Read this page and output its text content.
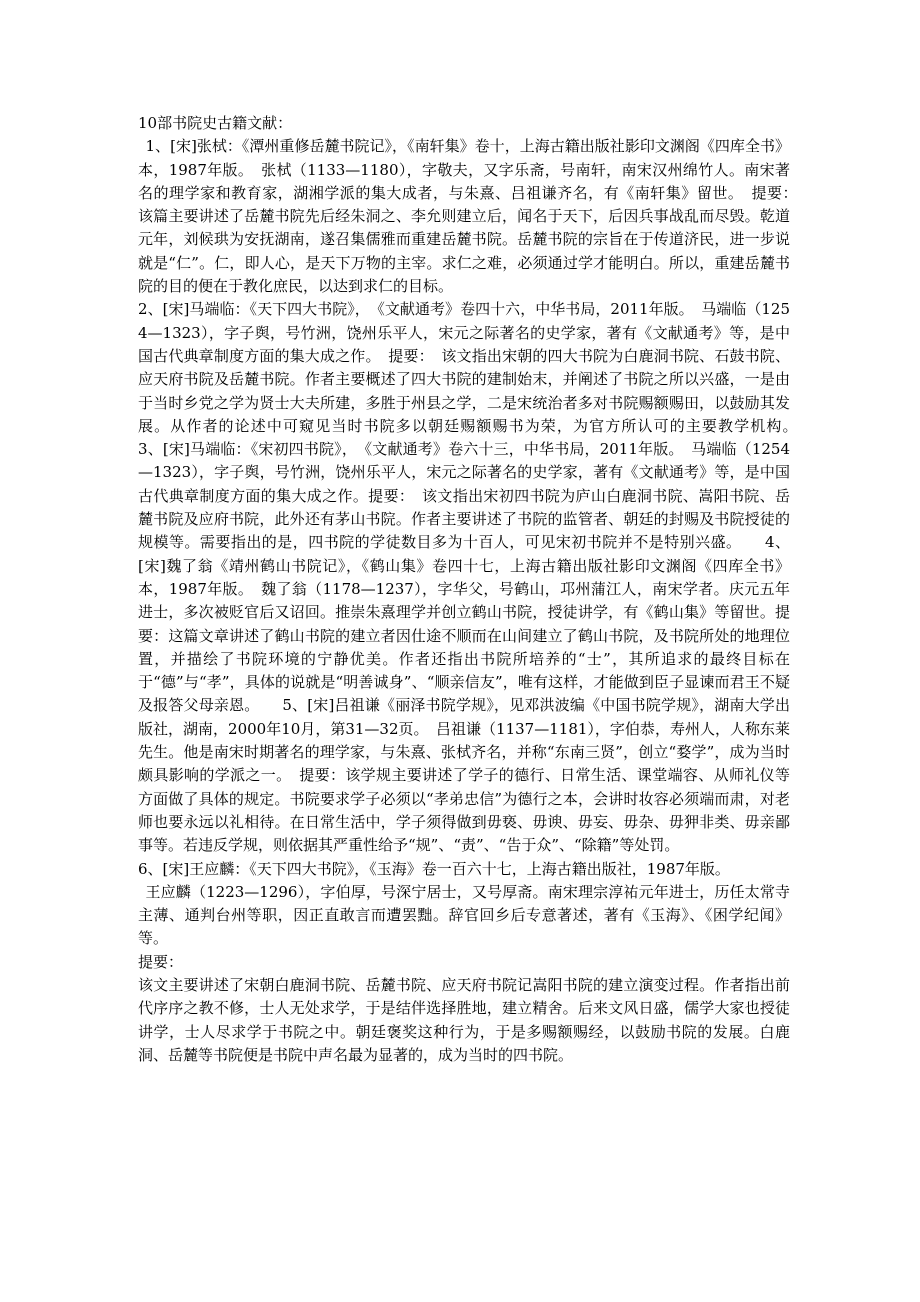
10部书院史古籍文献：

1、[宋]张栻：《潭州重修岳麓书院记》，《南轩集》卷十，上海古籍出版社影印文渊阁《四库全书》本，1987年版。　张栻（1133—1180），字敬夫，又字乐斋，号南轩，南宋汉州绵竹人。南宋著名的理学家和教育家，湖湘学派的集大成者，与朱熹、吕祖谦齐名，有《南轩集》留世。　提要：　该篇主要讲述了岳麓书院先后经朱洞之、李允则建立后，闻名于天下，后因兵事战乱而尽毁。乾道元年，刘候珙为安抚湖南，遂召集儒雅而重建岳麓书院。岳麓书院的宗旨在于传道济民，进一步说就是“仁”。仁，即人心，是天下万物的主宰。求仁之难，必须通过学才能明白。所以，重建岳麓书院的目的便在于教化庶民，以达到求仁的目标。

2、[宋]马端临：《天下四大书院》，　《文献通考》卷四十六，中华书局，2011年版。　马端临（1254—1323），字子舆，号竹洲，饶州乐平人，宋元之际著名的史学家，著有《文献通考》等，是中国古代典章制度方面的集大成之作。　提要：　该文指出宋朝的四大书院为白鹿洞书院、石鼓书院、应天府书院及岳麓书院。作者主要概述了四大书院的建制始末，并阐述了书院之所以兴盛，一是由于当时乡党之学为贤士大夫所建，多胜于州县之学，二是宋统治者多对书院赐额赐田，以鼓励其发展。从作者的论述中可窥见当时书院多以朝廷赐额赐书为荣，为官方所认可的主要教学机构。　　3、[宋]马端临：《宋初四书院》，　《文献通考》卷六十三，中华书局，2011年版。　马端临（1254—1323），字子舆，号竹洲，饶州乐平人，宋元之际著名的史学家，著有《文献通考》等，是中国古代典章制度方面的集大成之作。提要：　该文指出宋初四书院为庐山白鹿洞书院、嵩阳书院、岳麓书院及应府书院，此外还有茅山书院。作者主要讲述了书院的监管者、朝廷的封赐及书院授徒的规模等。需要指出的是，四书院的学徒数目多为十百人，可见宋初书院并不是特别兴盛。　　4、[宋]魏了翁《靖州鹤山书院记》，《鹤山集》卷四十七，上海古籍出版社影印文渊阁《四库全书》本，1987年版。　魏了翁（1178—1237），字华父，号鹤山，邛州蒲江人，南宋学者。庆元五年进士，多次被贬官后又诏回。推崇朱熹理学并创立鹤山书院，授徒讲学，有《鹤山集》等留世。提要：这篇文章讲述了鹤山书院的建立者因仕途不顺而在山间建立了鹤山书院，及书院所处的地理位置，并描绘了书院环境的宁静优美。作者还指出书院所培养的“士”，其所追求的最终目标在于“德”与“孝”，具体的说就是“明善诚身”、“顺亲信友”，唯有这样，才能做到臣子显谏而君王不疑及报答父母亲恩。　　5、[宋]吕祖谦《丽泽书院学规》，见邓洪波编《中国书院学规》，湖南大学出版社，湖南，2000年10月，第31—32页。　吕祖谦（1137—1181），字伯恭，寿州人，人称东莱先生。他是南宋时期著名的理学家，与朱熹、张栻齐名，并称“东南三贤”，创立“婺学”，成为当时颇具影响的学派之一。　提要：该学规主要讲述了学子的德行、日常生活、课堂端容、从师礼仪等方面做了具体的规定。书院要求学子必须以“孝弟忠信”为德行之本，会讲时妆容必须端而肃，对老师也要永远以礼相待。在日常生活中，学子须得做到毋亵、毋谀、毋妄、毋杂、毋狎非类、毋亲鄙事等。若违反学规，则依据其严重性给予“规”、“责”、“告于众”、“除籍”等处罚。

6、[宋]王应麟：《天下四大书院》，《玉海》卷一百六十七，上海古籍出版社，1987年版。

王应麟（1223—1296），字伯厚，号深宁居士，又号厚斋。南宋理宗淳祐元年进士，历任太常寺主薄、通判台州等职，因正直敢言而遭罢黜。辞官回乡后专意著述，著有《玉海》、《困学纪闻》等。

提要：

该文主要讲述了宋朝白鹿洞书院、岳麓书院、应天府书院记嵩阳书院的建立演变过程。作者指出前代序序之教不修，士人无处求学，于是结伴选择胜地，建立精舍。后来文风日盛，儒学大家也授徒讲学，士人尽求学于书院之中。朝廷褒奖这种行为，于是多赐额赐经，以鼓励书院的发展。白鹿洞、岳麓等书院便是书院中声名最为显著的，成为当时的四书院。
